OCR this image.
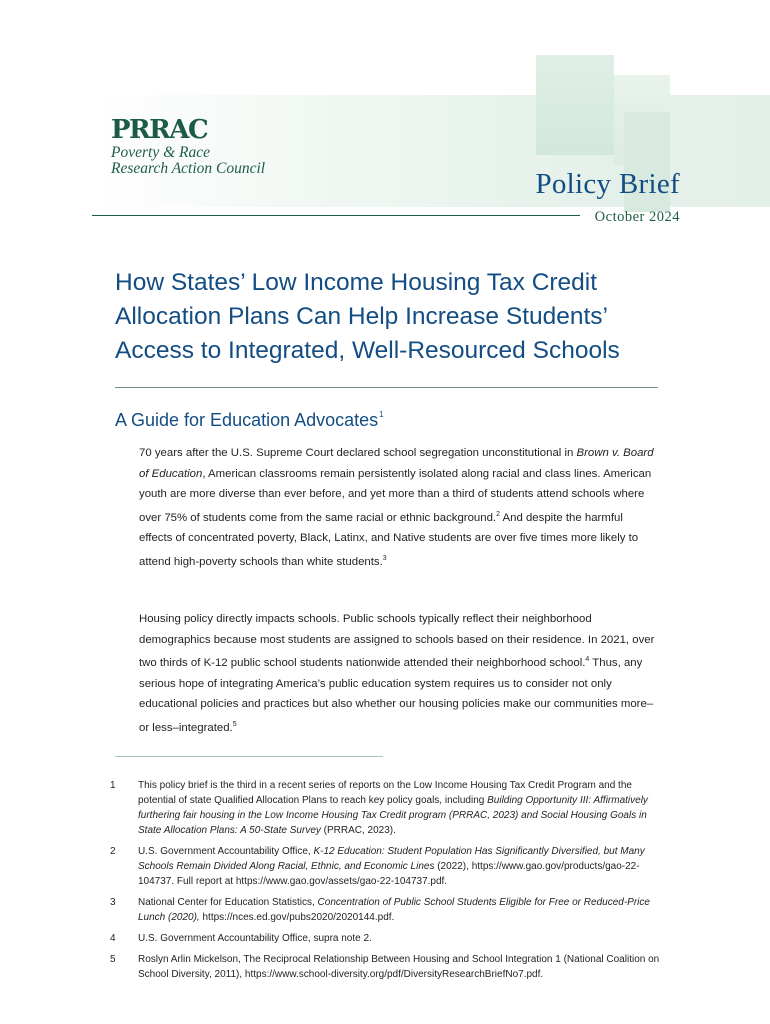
PRRAC
Poverty & Race
Research Action Council	Policy Brief
October 2024
How States’ Low Income Housing Tax Credit Allocation Plans Can Help Increase Students’ Access to Integrated, Well-Resourced Schools
A Guide for Education Advocates$^1$

70 years after the U.S. Supreme Court declared school segregation unconstitutional in Brown v. Board of Education, American classrooms remain persistently isolated along racial and class lines. American youth are more diverse than ever before, and yet more than a third of students attend schools where over 75% of students come from the same racial or ethnic background.$^2$ And despite the harmful effects of concentrated poverty, Black, Latinx, and Native students are over five times more likely to attend high-poverty schools than white students.$^3$

Housing policy directly impacts schools. Public schools typically reflect their neighborhood demographics because most students are assigned to schools based on their residence. In 2021, over two thirds of K-12 public school students nationwide attended their neighborhood school.$^4$ Thus, any serious hope of integrating America’s public education system requires us to consider not only educational policies and practices but also whether our housing policies make our communities more–or less–integrated.$^5$

1	This policy brief is the third in a recent series of reports on the Low Income Housing Tax Credit Program and the potential of state Qualified Allocation Plans to reach key policy goals, including Building Opportunity III: Affirmatively furthering fair housing in the Low Income Housing Tax Credit program (PRRAC, 2023) and Social Housing Goals in State Allocation Plans: A 50-State Survey (PRRAC, 2023).
2	U.S. Government Accountability Office, K-12 Education: Student Population Has Significantly Diversified, but Many Schools Remain Divided Along Racial, Ethnic, and Economic Lines (2022), https://www.gao.gov/products/gao-22-104737. Full report at https://www.gao.gov/assets/gao-22-104737.pdf.
3	National Center for Education Statistics, Concentration of Public School Students Eligible for Free or Reduced-Price Lunch (2020), https://nces.ed.gov/pubs2020/2020144.pdf.
4	U.S. Government Accountability Office, supra note 2.
5	Roslyn Arlin Mickelson, The Reciprocal Relationship Between Housing and School Integration 1 (National Coalition on School Diversity, 2011), https://www.school-diversity.org/pdf/DiversityResearchBriefNo7.pdf.
